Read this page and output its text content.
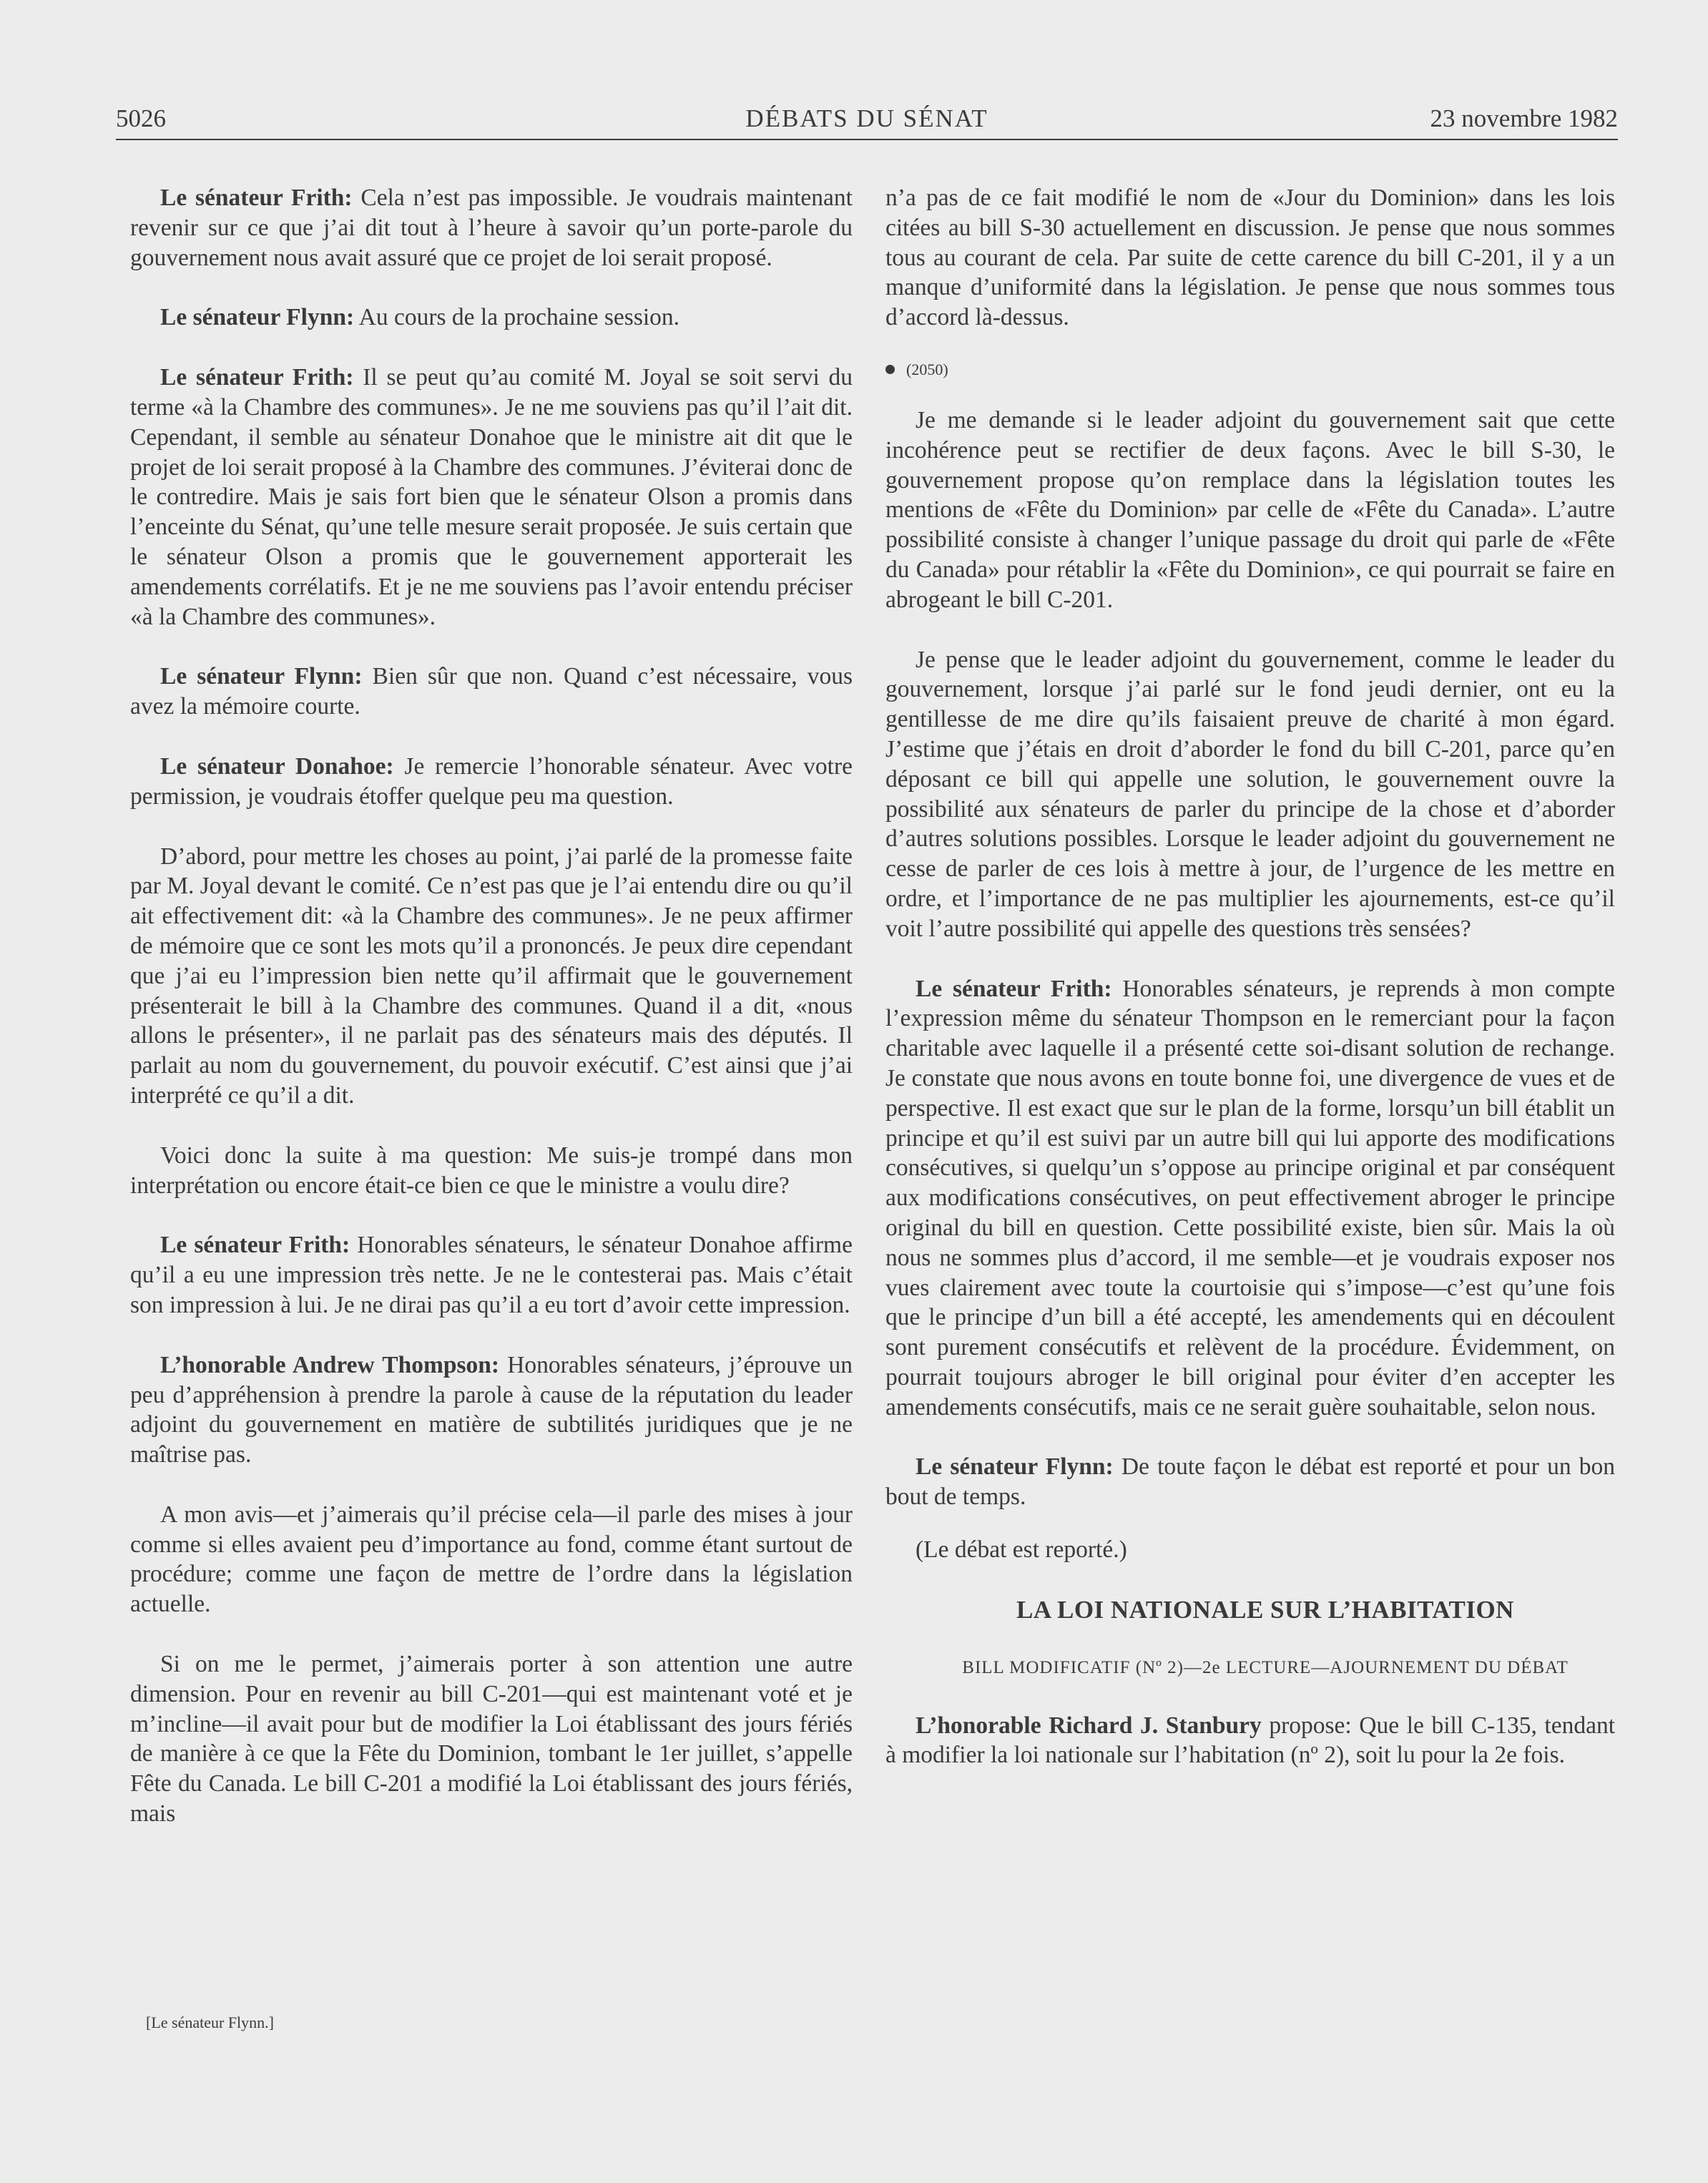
5026	DÉBATS DU SÉNAT	23 novembre 1982

Le sénateur Frith: Cela n’est pas impossible. Je voudrais maintenant revenir sur ce que j’ai dit tout à l’heure à savoir qu’un porte-parole du gouvernement nous avait assuré que ce projet de loi serait proposé.

Le sénateur Flynn: Au cours de la prochaine session.

Le sénateur Frith: Il se peut qu’au comité M. Joyal se soit servi du terme «à la Chambre des communes». Je ne me souviens pas qu’il l’ait dit. Cependant, il semble au sénateur Donahoe que le ministre ait dit que le projet de loi serait proposé à la Chambre des communes. J’éviterai donc de le contredire. Mais je sais fort bien que le sénateur Olson a promis dans l’enceinte du Sénat, qu’une telle mesure serait proposée. Je suis certain que le sénateur Olson a promis que le gouvernement apporterait les amendements corrélatifs. Et je ne me souviens pas l’avoir entendu préciser «à la Chambre des communes».

Le sénateur Flynn: Bien sûr que non. Quand c’est nécessaire, vous avez la mémoire courte.

Le sénateur Donahoe: Je remercie l’honorable sénateur. Avec votre permission, je voudrais étoffer quelque peu ma question.

D’abord, pour mettre les choses au point, j’ai parlé de la promesse faite par M. Joyal devant le comité. Ce n’est pas que je l’ai entendu dire ou qu’il ait effectivement dit: «à la Chambre des communes». Je ne peux affirmer de mémoire que ce sont les mots qu’il a prononcés. Je peux dire cependant que j’ai eu l’impression bien nette qu’il affirmait que le gouvernement présenterait le bill à la Chambre des communes. Quand il a dit, «nous allons le présenter», il ne parlait pas des sénateurs mais des députés. Il parlait au nom du gouvernement, du pouvoir exécutif. C’est ainsi que j’ai interprété ce qu’il a dit.

Voici donc la suite à ma question: Me suis-je trompé dans mon interprétation ou encore était-ce bien ce que le ministre a voulu dire?

Le sénateur Frith: Honorables sénateurs, le sénateur Donahoe affirme qu’il a eu une impression très nette. Je ne le contesterai pas. Mais c’était son impression à lui. Je ne dirai pas qu’il a eu tort d’avoir cette impression.

L’honorable Andrew Thompson: Honorables sénateurs, j’éprouve un peu d’appréhension à prendre la parole à cause de la réputation du leader adjoint du gouvernement en matière de subtilités juridiques que je ne maîtrise pas.

A mon avis—et j’aimerais qu’il précise cela—il parle des mises à jour comme si elles avaient peu d’importance au fond, comme étant surtout de procédure; comme une façon de mettre de l’ordre dans la législation actuelle.

Si on me le permet, j’aimerais porter à son attention une autre dimension. Pour en revenir au bill C-201—qui est maintenant voté et je m’incline—il avait pour but de modifier la Loi établissant des jours fériés de manière à ce que la Fête du Dominion, tombant le 1er juillet, s’appelle Fête du Canada. Le bill C-201 a modifié la Loi établissant des jours fériés, mais

[Le sénateur Flynn.]

n’a pas de ce fait modifié le nom de «Jour du Dominion» dans les lois citées au bill S-30 actuellement en discussion. Je pense que nous sommes tous au courant de cela. Par suite de cette carence du bill C-201, il y a un manque d’uniformité dans la législation. Je pense que nous sommes tous d’accord là-dessus.

(2050)

Je me demande si le leader adjoint du gouvernement sait que cette incohérence peut se rectifier de deux façons. Avec le bill S-30, le gouvernement propose qu’on remplace dans la législation toutes les mentions de «Fête du Dominion» par celle de «Fête du Canada». L’autre possibilité consiste à changer l’unique passage du droit qui parle de «Fête du Canada» pour rétablir la «Fête du Dominion», ce qui pourrait se faire en abrogeant le bill C-201.

Je pense que le leader adjoint du gouvernement, comme le leader du gouvernement, lorsque j’ai parlé sur le fond jeudi dernier, ont eu la gentillesse de me dire qu’ils faisaient preuve de charité à mon égard. J’estime que j’étais en droit d’aborder le fond du bill C-201, parce qu’en déposant ce bill qui appelle une solution, le gouvernement ouvre la possibilité aux sénateurs de parler du principe de la chose et d’aborder d’autres solutions possibles. Lorsque le leader adjoint du gouvernement ne cesse de parler de ces lois à mettre à jour, de l’urgence de les mettre en ordre, et l’importance de ne pas multiplier les ajournements, est-ce qu’il voit l’autre possibilité qui appelle des questions très sensées?

Le sénateur Frith: Honorables sénateurs, je reprends à mon compte l’expression même du sénateur Thompson en le remerciant pour la façon charitable avec laquelle il a présenté cette soi-disant solution de rechange. Je constate que nous avons en toute bonne foi, une divergence de vues et de perspective. Il est exact que sur le plan de la forme, lorsqu’un bill établit un principe et qu’il est suivi par un autre bill qui lui apporte des modifications consécutives, si quelqu’un s’oppose au principe original et par conséquent aux modifications consécutives, on peut effectivement abroger le principe original du bill en question. Cette possibilité existe, bien sûr. Mais la où nous ne sommes plus d’accord, il me semble—et je voudrais exposer nos vues clairement avec toute la courtoisie qui s’impose—c’est qu’une fois que le principe d’un bill a été accepté, les amendements qui en découlent sont purement consécutifs et relèvent de la procédure. Évidemment, on pourrait toujours abroger le bill original pour éviter d’en accepter les amendements consécutifs, mais ce ne serait guère souhaitable, selon nous.

Le sénateur Flynn: De toute façon le débat est reporté et pour un bon bout de temps.

(Le débat est reporté.)

LA LOI NATIONALE SUR L’HABITATION

BILL MODIFICATIF (Nº 2)—2e LECTURE—AJOURNEMENT DU DÉBAT

L’honorable Richard J. Stanbury propose: Que le bill C-135, tendant à modifier la loi nationale sur l’habitation (nº 2), soit lu pour la 2e fois.
